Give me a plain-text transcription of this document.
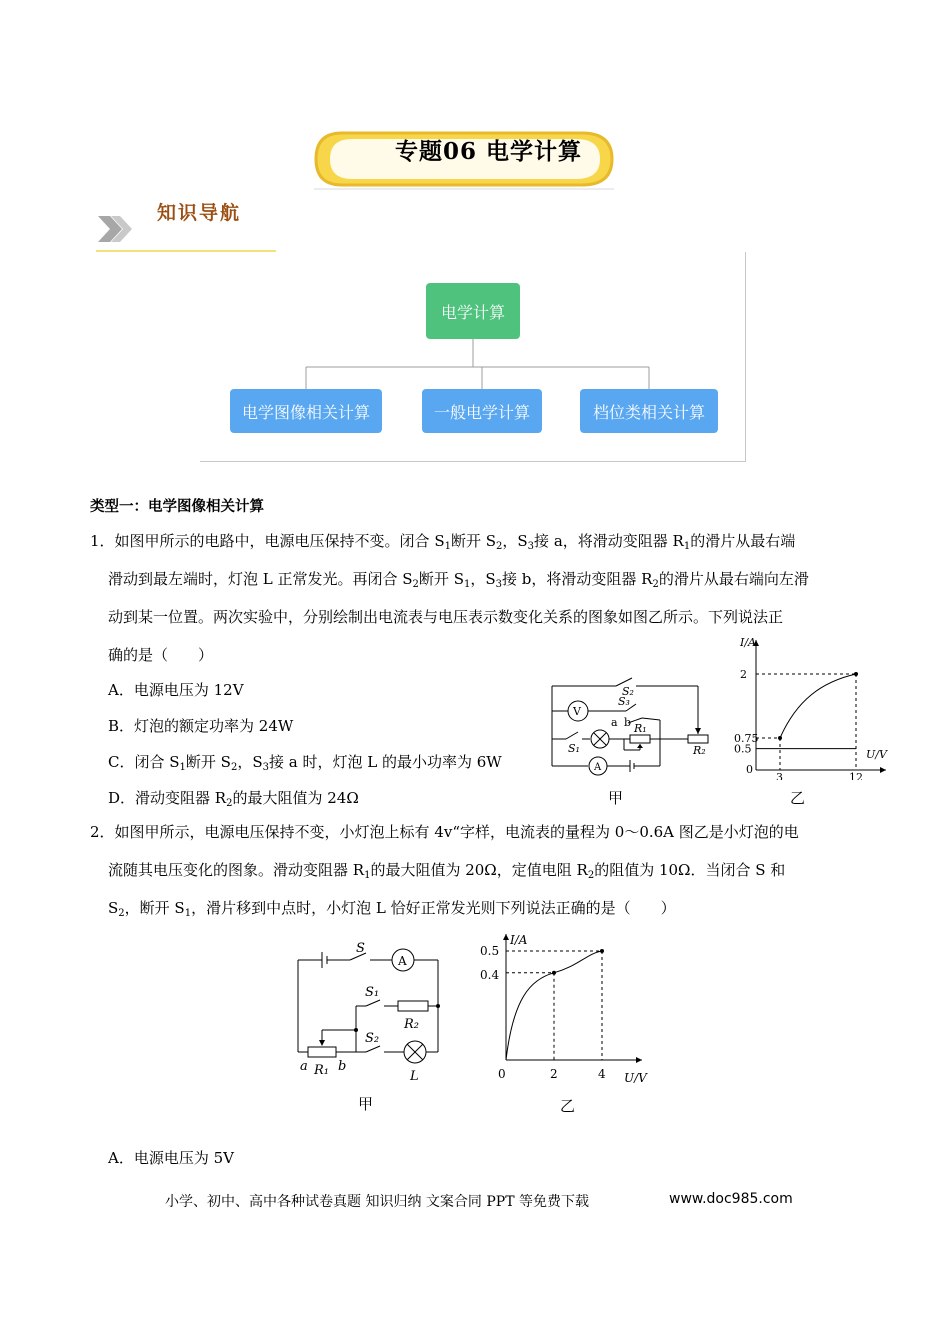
专题06 电学计算
知识导航
电学计算
电学图像相关计算	一般电学计算	档位类相关计算
类型一：电学图像相关计算
1．如图甲所示的电路中，电源电压保持不变。闭合 $S_1$断开 $S_2$，$S_3$接 a，将滑动变阻器 $R_1$的滑片从最右端
滑动到最左端时，灯泡 L 正常发光。再闭合 $S_2$断开 $S_1$，$S_3$接 b，将滑动变阻器 $R_2$的滑片从最右端向左滑
动到某一位置。两次实验中，分别绘制出电流表与电压表示数变化关系的图象如图乙所示。下列说法正
确的是（　　）
A．电源电压为 12V
B．灯泡的额定功率为 24W
C．闭合 $S_1$断开 $S_2$，$S_3$接 a 时，灯泡 L 的最小功率为 6W
D．滑动变阻器 $R_2$的最大阻值为 24Ω
S₂
S₃
V
a b R₁
S₁
A
R₂
甲
I/A
U/V
0
2
0.75
0.5
3	12
乙
2．如图甲所示，电源电压保持不变，小灯泡上标有 4v“字样，电流表的量程为 0～0.6A 图乙是小灯泡的电
流随其电压变化的图象。滑动变阻器 $R_1$的最大阻值为 20Ω，定值电阻 $R_2$的阻值为 10Ω．当闭合 S 和
$S_2$，断开 $S_1$，滑片移到中点时，小灯泡 L 恰好正常发光则下列说法正确的是（　　）
S
A
S₁
R₂
S₂
L
a R₁ b
甲
I/A
U/V
0
0.5
0.4
2	4
乙
A．电源电压为 5V
小学、初中、高中各种试卷真题 知识归纳 文案合同 PPT 等免费下载	www.doc985.com
